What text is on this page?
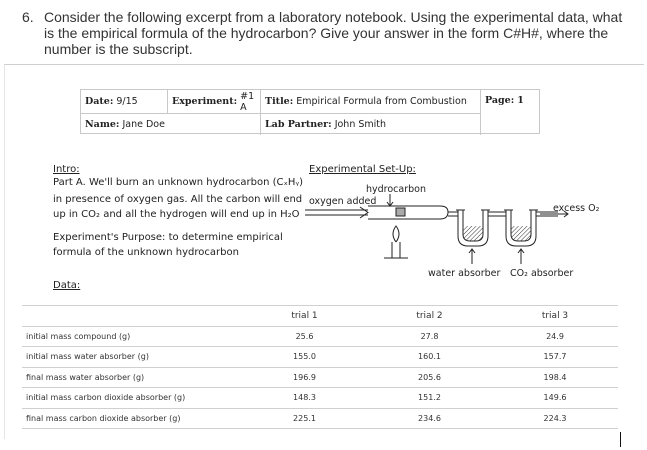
6. Consider the following excerpt from a laboratory notebook. Using the experimental data, what is the empirical formula of the hydrocarbon? Give your answer in the form C#H#, where the number is the subscript.
Date: 9/15	Experiment: #1 A	Title: Empirical Formula from Combustion Page: 1
Name: Jane Doe	Lab Partner: John Smith
Intro:
Part A. We'll burn an unknown hydrocarbon (CₓHᵧ)
in presence of oxygen gas. All the carbon will end
up in CO₂ and all the hydrogen will end up in H₂O
Experiment's Purpose: to determine empirical
formula of the unknown hydrocarbon
Data:
Experimental Set-Up:
hydrocarbon
oxygen added
excess O₂
water absorber CO₂ absorber
	trial 1	trial 2	trial 3
initial mass compound (g)	25.6	27.8	24.9
initial mass water absorber (g)	155.0	160.1	157.7
final mass water absorber (g)	196.9	205.6	198.4
initial mass carbon dioxide absorber (g)	148.3	151.2	149.6
final mass carbon dioxide absorber (g)	225.1	234.6	224.3
